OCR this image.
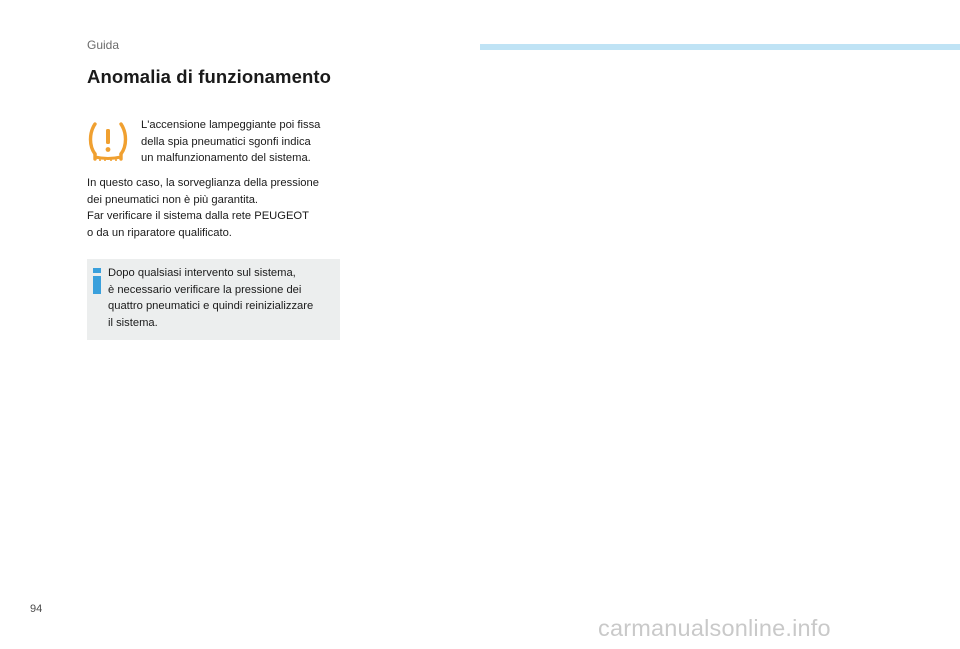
Guida
Anomalia di funzionamento

L'accensione lampeggiante poi fissa
della spia pneumatici sgonfi indica
un malfunzionamento del sistema.

In questo caso, la sorveglianza della pressione
dei pneumatici non è più garantita.
Far verificare il sistema dalla rete PEUGEOT
o da un riparatore qualificato.

Dopo qualsiasi intervento sul sistema,
è necessario verificare la pressione dei
quattro pneumatici e quindi reinizializzare
il sistema.

94
carmanualsonline.info
